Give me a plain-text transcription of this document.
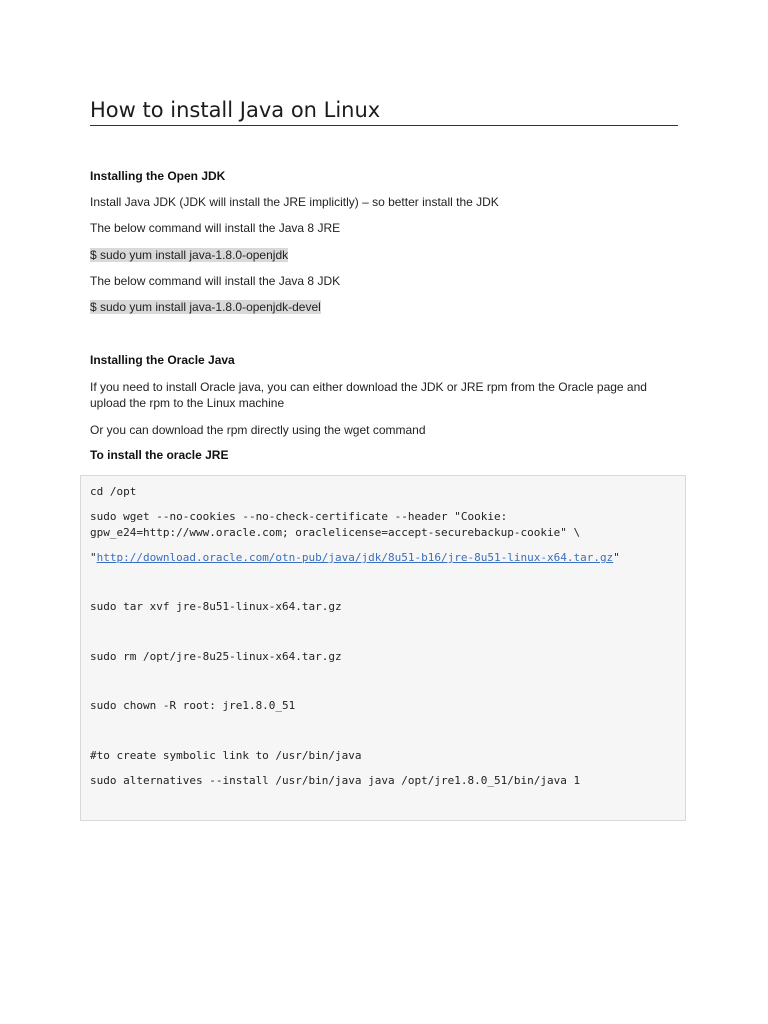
How to install Java on Linux
Installing the Open JDK
Install Java JDK (JDK will install the JRE implicitly) – so better install the JDK
The below command will install the Java 8 JRE
$ sudo yum install java-1.8.0-openjdk
The below command will install the Java 8 JDK
$ sudo yum install java-1.8.0-openjdk-devel
Installing the Oracle Java
If you need to install Oracle java, you can either download the JDK or JRE rpm from the Oracle page and
upload the rpm to the Linux machine
Or you can download the rpm directly using the wget command
To install the oracle JRE
cd /opt
sudo wget --no-cookies --no-check-certificate --header "Cookie:
gpw_e24=http://www.oracle.com; oraclelicense=accept-securebackup-cookie" \
"http://download.oracle.com/otn-pub/java/jdk/8u51-b16/jre-8u51-linux-x64.tar.gz"
sudo tar xvf jre-8u51-linux-x64.tar.gz
sudo rm /opt/jre-8u25-linux-x64.tar.gz
sudo chown -R root: jre1.8.0_51
#to create symbolic link to /usr/bin/java
sudo alternatives --install /usr/bin/java java /opt/jre1.8.0_51/bin/java 1
